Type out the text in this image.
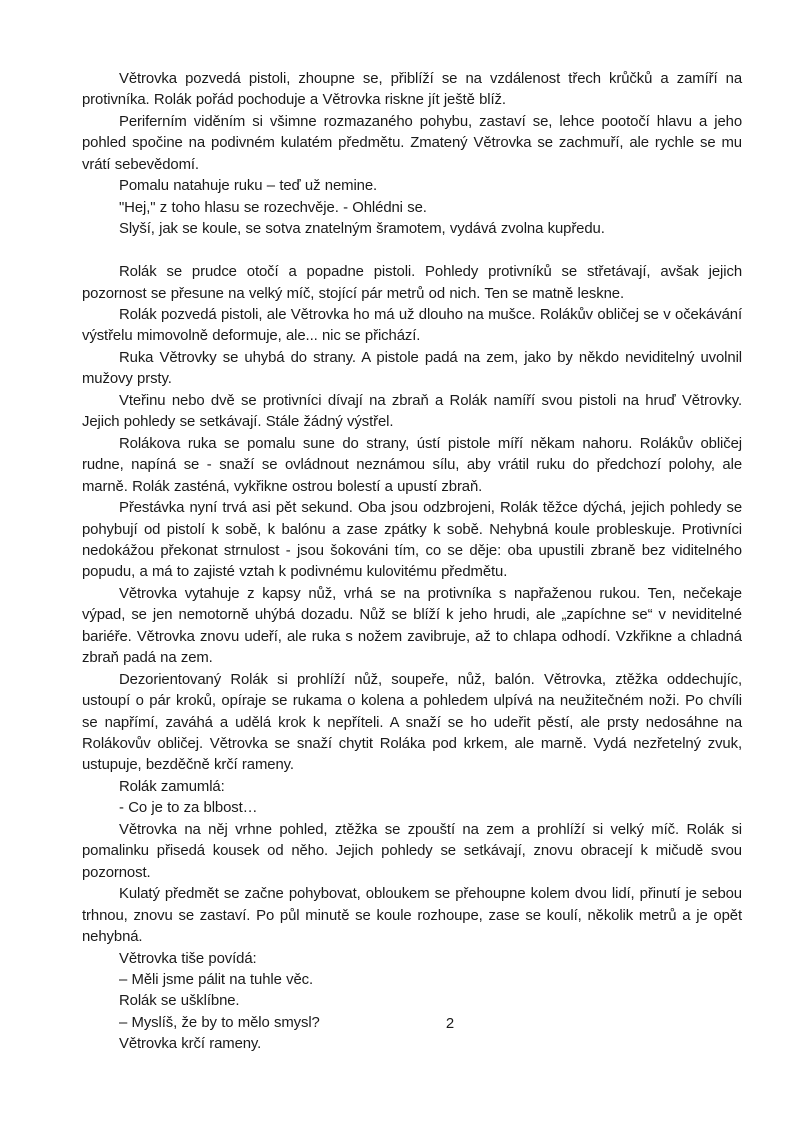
Větrovka pozvedá pistoli, zhoupne se, přiblíží se na vzdálenost třech krůčků a zamíří na protivníka. Rolák pořád pochoduje a Větrovka riskne jít ještě blíž.

Periferním viděním si všimne rozmazaného pohybu, zastaví se, lehce pootočí hlavu a jeho pohled spočine na podivném kulatém předmětu. Zmatený Větrovka se zachmuří, ale rychle se mu vrátí sebevědomí.

Pomalu natahuje ruku – teď už nemine.

"Hej," z toho hlasu se rozechvěje. - Ohlédni se.

Slyší, jak se koule, se sotva znatelným šramotem, vydává zvolna kupředu.

Rolák se prudce otočí a popadne pistoli. Pohledy protivníků se střetávají, avšak jejich pozornost se přesune na velký míč, stojící pár metrů od nich. Ten se matně leskne.

Rolák pozvedá pistoli, ale Větrovka ho má už dlouho na mušce. Rolákův obličej se v očekávání výstřelu mimovolně deformuje, ale... nic se přichází.

Ruka Větrovky se uhybá do strany. A pistole padá na zem, jako by někdo neviditelný uvolnil mužovy prsty.

Vteřinu nebo dvě se protivníci dívají na zbraň a Rolák namíří svou pistoli na hruď Větrovky. Jejich pohledy se setkávají. Stále žádný výstřel.

Rolákova ruka se pomalu sune do strany, ústí pistole míří někam nahoru. Rolákův obličej rudne, napíná se - snaží se ovládnout neznámou sílu, aby vrátil ruku do předchozí polohy, ale marně. Rolák zasténá, vykřikne ostrou bolestí a upustí zbraň.

Přestávka nyní trvá asi pět sekund. Oba jsou odzbrojeni, Rolák těžce dýchá, jejich pohledy se pohybují od pistolí k sobě, k balónu a zase zpátky k sobě. Nehybná koule probleskuje. Protivníci nedokážou překonat strnulost - jsou šokováni tím, co se děje: oba upustili zbraně bez viditelného popudu, a má to zajisté vztah k podivnému kulovitému předmětu.

Větrovka vytahuje z kapsy nůž, vrhá se na protivníka s napřaženou rukou. Ten, nečekaje výpad, se jen nemotorně uhýbá dozadu. Nůž se blíží k jeho hrudi, ale „zapíchne se“ v neviditelné bariéře. Větrovka znovu udeří, ale ruka s nožem zavibruje, až to chlapa odhodí. Vzkřikne a chladná zbraň padá na zem.

Dezorientovaný Rolák si prohlíží nůž, soupeře, nůž, balón. Větrovka, ztěžka oddechujíc, ustoupí o pár kroků, opíraje se rukama o kolena a pohledem ulpívá na neužitečném noži. Po chvíli se napřímí, zaváhá a udělá krok k nepříteli. A snaží se ho udeřit pěstí, ale prsty nedosáhne na Rolákovův obličej. Větrovka se snaží chytit Roláka pod krkem, ale marně. Vydá nezřetelný zvuk, ustupuje, bezděčně krčí rameny.

Rolák zamumlá:

- Co je to za blbost…

Větrovka na něj vrhne pohled, ztěžka se zpouští na zem a prohlíží si velký míč. Rolák si pomalinku přisedá kousek od něho. Jejich pohledy se setkávají, znovu obracejí k mičudě svou pozornost.

Kulatý předmět se začne pohybovat, obloukem se přehoupne kolem dvou lidí, přinutí je sebou trhnou, znovu se zastaví. Po půl minutě se koule rozhoupe, zase se koulí, několik metrů a je opět nehybná.

Větrovka tiše povídá:

– Měli jsme pálit na tuhle věc.

Rolák se ušklíbne.

– Myslíš, že by to mělo smysl?

Větrovka krčí rameny.

2
